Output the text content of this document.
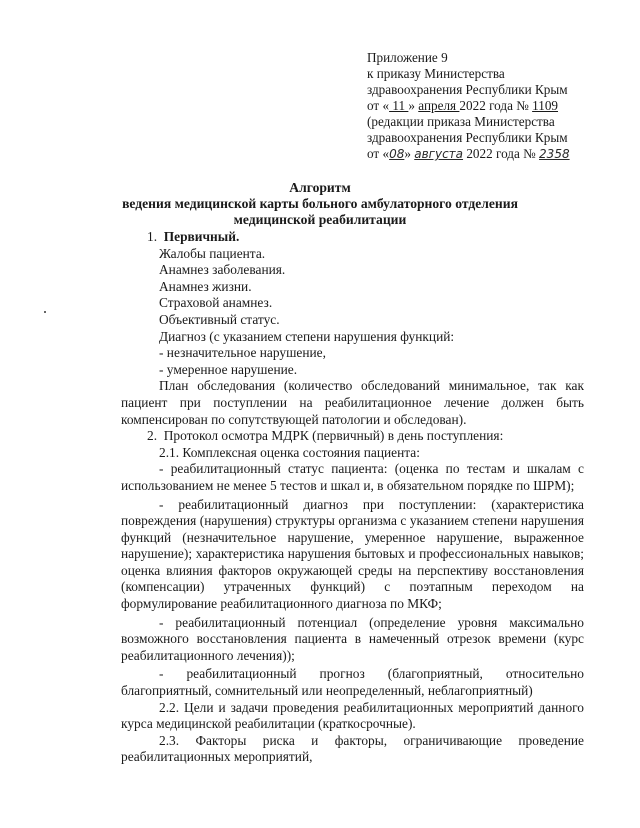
Приложение 9
к приказу Министерства
здравоохранения Республики Крым
от « 11 » апреля 2022 года № 1109
(редакции приказа Министерства
здравоохранения Республики Крым
от «08» августа 2022 года № 2358
Алгоритм
ведения медицинской карты больного амбулаторного отделения
медицинской реабилитации

1. Первичный.

Жалобы пациента.

Анамнез заболевания.

Анамнез жизни.

Страховой анамнез.

Объективный статус.

Диагноз (с указанием степени нарушения функций:

- незначительное нарушение,

- умеренное нарушение.

План обследования (количество обследований минимальное, так как пациент при поступлении на реабилитационное лечение должен быть компенсирован по сопутствующей патологии и обследован).

2. Протокол осмотра МДРК (первичный) в день поступления:

2.1. Комплексная оценка состояния пациента:

- реабилитационный статус пациента: (оценка по тестам и шкалам с использованием не менее 5 тестов и шкал и, в обязательном порядке по ШРМ);

- реабилитационный диагноз при поступлении: (характеристика повреждения (нарушения) структуры организма с указанием степени нарушения функций (незначительное нарушение, умеренное нарушение, выраженное нарушение); характеристика нарушения бытовых и профессиональных навыков; оценка влияния факторов окружающей среды на перспективу восстановления (компенсации) утраченных функций) с поэтапным переходом на формулирование реабилитационного диагноза по МКФ;

- реабилитационный потенциал (определение уровня максимально возможного восстановления пациента в намеченный отрезок времени (курс реабилитационного лечения));

- реабилитационный прогноз (благоприятный, относительно благоприятный, сомнительный или неопределенный, неблагоприятный)

2.2. Цели и задачи проведения реабилитационных мероприятий данного курса медицинской реабилитации (краткосрочные).

2.3. Факторы риска и факторы, ограничивающие проведение реабилитационных мероприятий,
